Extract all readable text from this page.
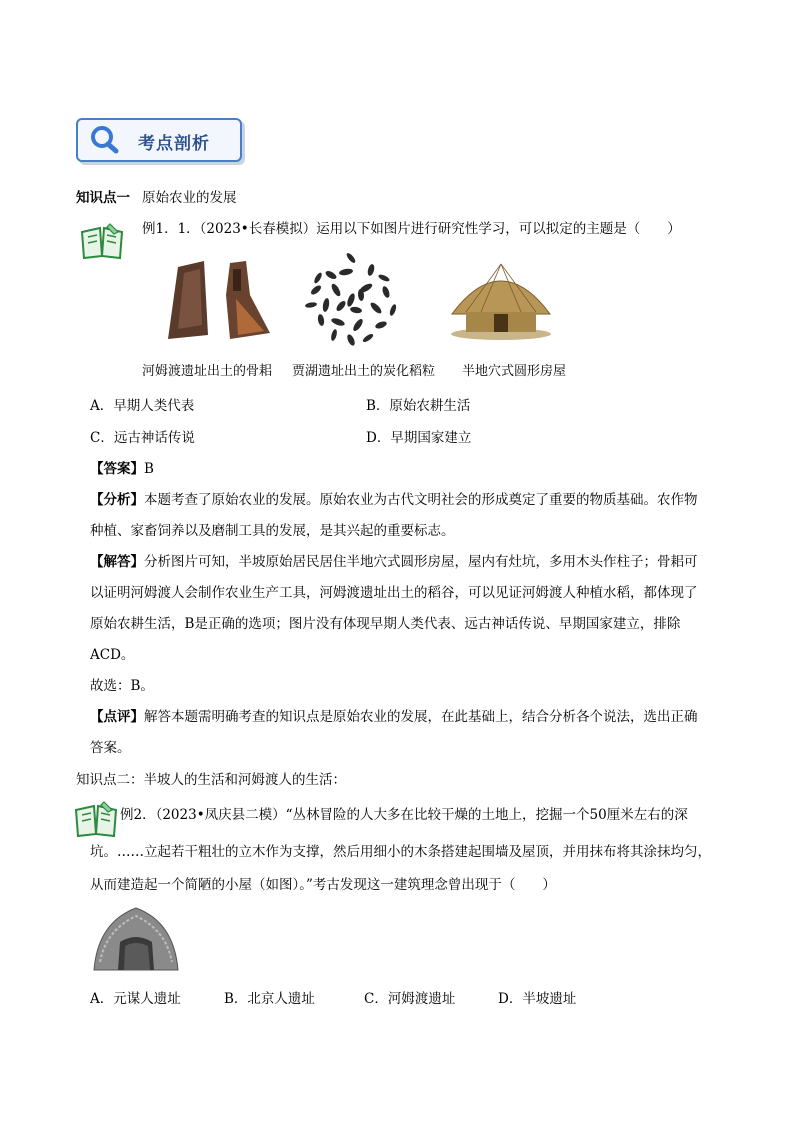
考点剖析
知识点一 原始农业的发展
例1．1．（2023•长春模拟）运用以下如图片进行研究性学习，可以拟定的主题是（　　）
河姆渡遗址出土的骨耜 贾湖遗址出土的炭化稻粒 半地穴式圆形房屋
A．早期人类代表	B．原始农耕生活
C．远古神话传说	D．早期国家建立
【答案】B
【分析】本题考查了原始农业的发展。原始农业为古代文明社会的形成奠定了重要的物质基础。农作物
种植、家畜饲养以及磨制工具的发展，是其兴起的重要标志。
【解答】分析图片可知，半坡原始居民居住半地穴式圆形房屋，屋内有灶坑，多用木头作柱子；骨耜可
以证明河姆渡人会制作农业生产工具，河姆渡遗址出土的稻谷，可以见证河姆渡人种植水稻，都体现了
原始农耕生活，B是正确的选项；图片没有体现早期人类代表、远古神话传说、早期国家建立，排除
ACD。
故选：B。
【点评】解答本题需明确考查的知识点是原始农业的发展，在此基础上，结合分析各个说法，选出正确
答案。
知识点二：半坡人的生活和河姆渡人的生活：
例2．（2023•凤庆县二模）“丛林冒险的人大多在比较干燥的土地上，挖掘一个50厘米左右的深
坑。……立起若干粗壮的立木作为支撑，然后用细小的木条搭建起围墙及屋顶，并用抹布将其涂抹均匀，
从而建造起一个简陋的小屋（如图）。”考古发现这一建筑理念曾出现于（　　）
A．元谋人遗址	B．北京人遗址	C．河姆渡遗址	D．半坡遗址
